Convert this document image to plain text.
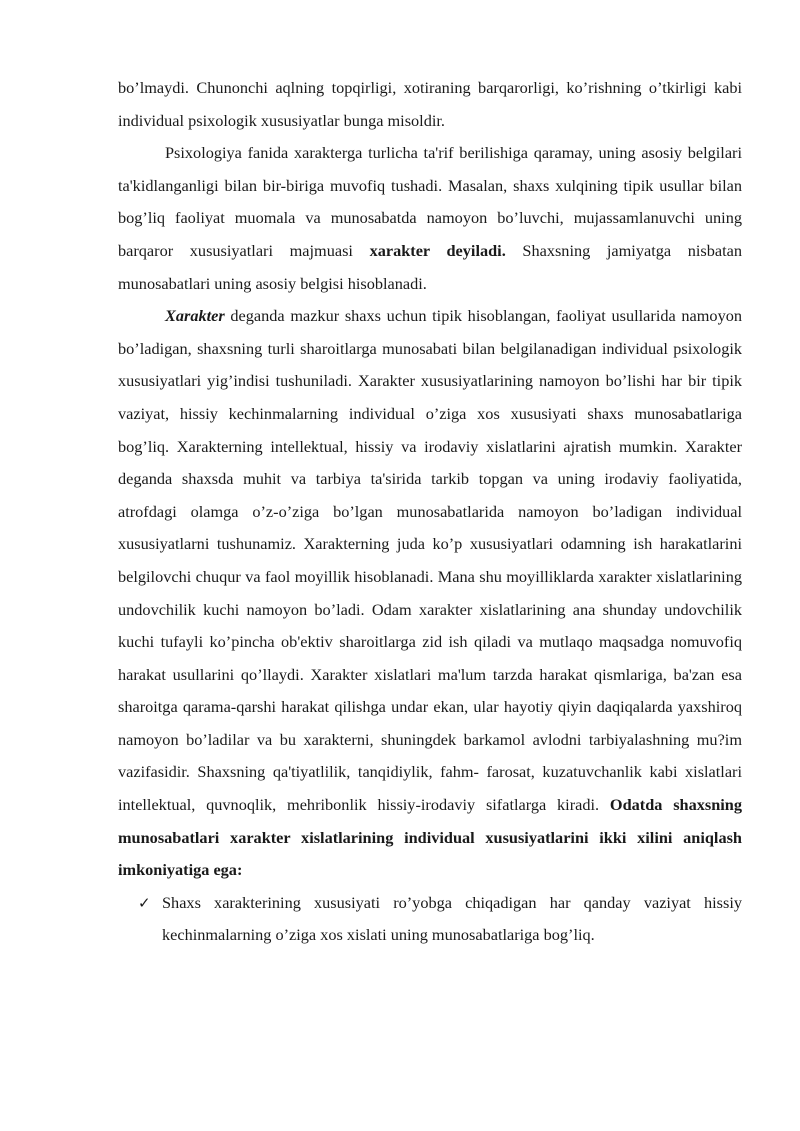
bo’lmaydi. Chunonchi aqlning topqirligi, xotiraning barqarorligi, ko’rishning o’tkirligi kabi individual psixologik xususiyatlar bunga misoldir.

Psixologiya fanida xarakterga turlicha ta'rif berilishiga qaramay, uning asosiy belgilari ta'kidlanganligi bilan bir-biriga muvofiq tushadi. Masalan, shaxs xulqining tipik usullar bilan bog’liq faoliyat muomala va munosabatda namoyon bo’luvchi, mujassamlanuvchi uning barqaror xususiyatlari majmuasi xarakter deyiladi. Shaxsning jamiyatga nisbatan munosabatlari uning asosiy belgisi hisoblanadi.

Xarakter deganda mazkur shaxs uchun tipik hisoblangan, faoliyat usullarida namoyon bo’ladigan, shaxsning turli sharoitlarga munosabati bilan belgilanadigan individual psixologik xususiyatlari yig’indisi tushuniladi. Xarakter xususiyatlarining namoyon bo’lishi har bir tipik vaziyat, hissiy kechinmalarning individual o’ziga xos xususiyati shaxs munosabatlariga bog’liq. Xarakterning intellektual, hissiy va irodaviy xislatlarini ajratish mumkin. Xarakter deganda shaxsda muhit va tarbiya ta'sirida tarkib topgan va uning irodaviy faoliyatida, atrofdagi olamga o’z-o’ziga bo’lgan munosabatlarida namoyon bo’ladigan individual xususiyatlarni tushunamiz. Xarakterning juda ko’p xususiyatlari odamning ish harakatlarini belgilovchi chuqur va faol moyillik hisoblanadi. Mana shu moyilliklarda xarakter xislatlarining undovchilik kuchi namoyon bo’ladi. Odam xarakter xislatlarining ana shunday undovchilik kuchi tufayli ko’pincha ob'ektiv sharoitlarga zid ish qiladi va mutlaqo maqsadga nomuvofiq harakat usullarini qo’llaydi. Xarakter xislatlari ma'lum tarzda harakat qismlariga, ba'zan esa sharoitga qarama-qarshi harakat qilishga undar ekan, ular hayotiy qiyin daqiqalarda yaxshiroq namoyon bo’ladilar va bu xarakterni, shuningdek barkamol avlodni tarbiyalashning mu?im vazifasidir. Shaxsning qa'tiyatlilik, tanqidiylik, fahm- farosat, kuzatuvchanlik kabi xislatlari intellektual, quvnoqlik, mehribonlik hissiy-irodaviy sifatlarga kiradi. Odatda shaxsning munosabatlari xarakter xislatlarining individual xususiyatlarini ikki xilini aniqlash imkoniyatiga ega:

✓ Shaxs xarakterining xususiyati ro’yobga chiqadigan har qanday vaziyat hissiy kechinmalarning o’ziga xos xislati uning munosabatlariga bog’liq.
